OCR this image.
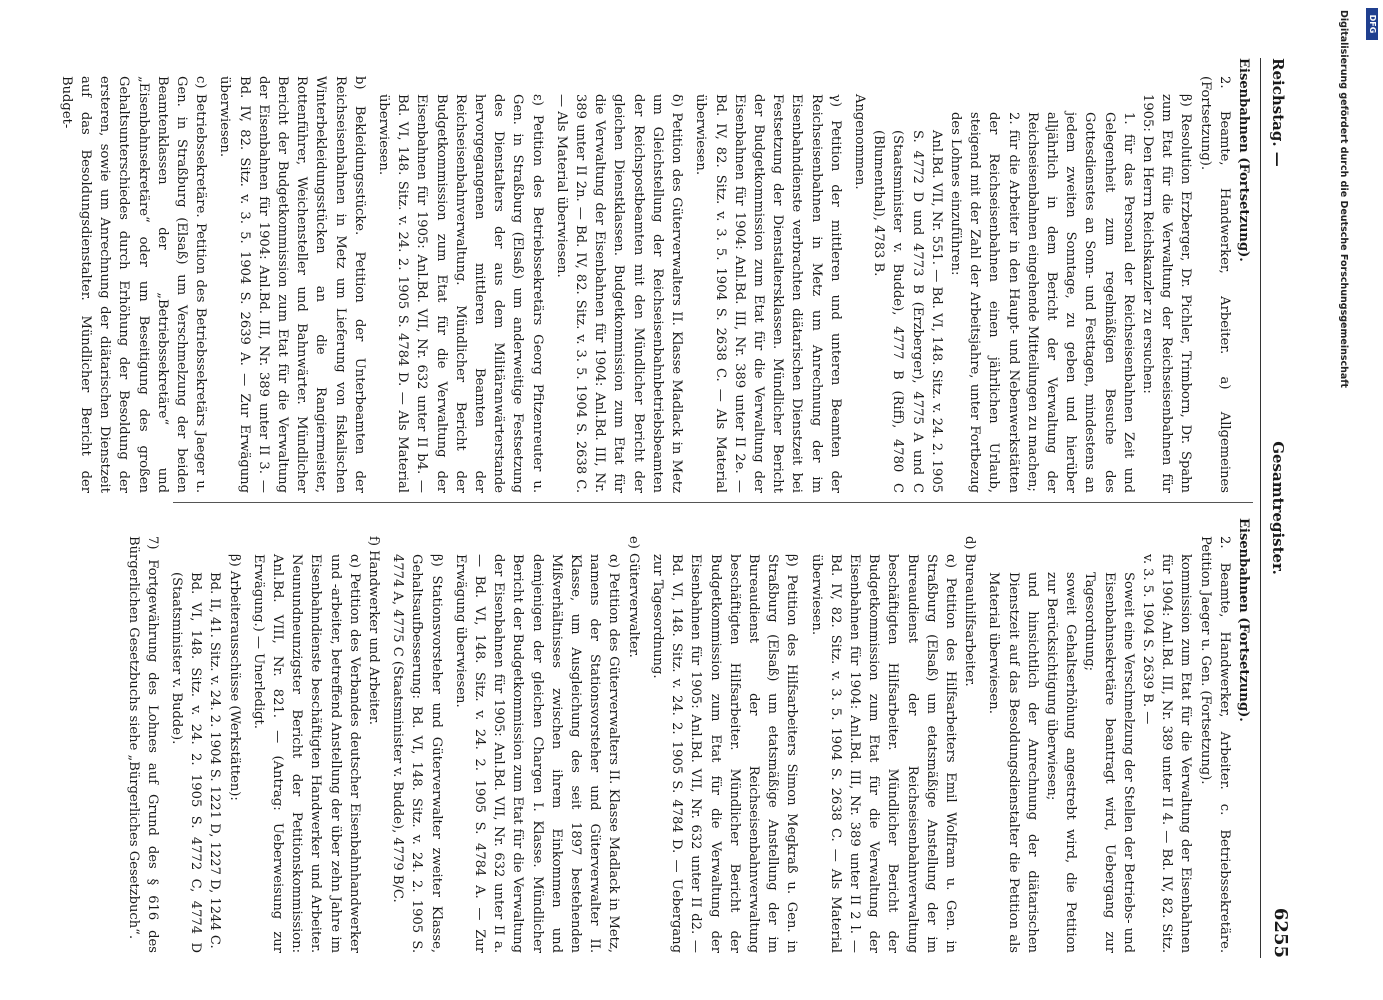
Reichstag. —
Gesamtregister.
6255

Eisenbahnen (Fortsetzung).

2. Beamte, Handwerker, Arbeiter. a) Allgemeines (Fortsetzung).

β) Resolution Erzberger, Dr. Pichler, Trimborn, Dr. Spahn zum Etat für die Verwaltung der Reichseisenbahnen für 1905: Den Herrn Reichskanzler zu ersuchen:

1. für das Personal der Reichseisenbahnen Zeit und Gelegenheit zum regelmäßigen Besuche des Gottesdienstes an Sonn- und Festtagen, mindestens an jedem zweiten Sonntage, zu geben und hierüber alljährlich in dem Bericht der Verwaltung der Reichseisenbahnen eingehende Mitteilungen zu machen;

2. für die Arbeiter in den Haupt- und Nebenwerkstätten der Reichseisenbahnen einen jährlichen Urlaub, steigend mit der Zahl der Arbeitsjahre, unter Fortbezug des Lohnes einzuführen:

Anl.Bd. VII, Nr. 551. — Bd. VI, 148. Sitz. v. 24. 2. 1905 S. 4772 D und 4773 B (Erzberger), 4775 A und C (Staatsminister v. Budde), 4777 B (Riff), 4780 C (Blumenthal), 4783 B.

Angenommen.

γ) Petition der mittleren und unteren Beamten der Reichseisenbahnen in Metz um Anrechnung der im Eisenbahndienste verbrachten diätarischen Dienstzeit bei Festsetzung der Dienstaltersklassen. Mündlicher Bericht der Budgetkommission zum Etat für die Verwaltung der Eisenbahnen für 1904: Anl.Bd. III, Nr. 389 unter II 2e. — Bd. IV, 82. Sitz. v. 3. 5. 1904 S. 2638 C. — Als Material überwiesen.

δ) Petition des Güterverwalters II. Klasse Madlack in Metz um Gleichstellung der Reichseisenbahnbetriebsbeamten der Reichspostbeamten mit den Mündlicher Bericht der gleichen Dienstklassen. Budgetkommission zum Etat für die Verwaltung der Eisenbahnen für 1904: Anl.Bd. III, Nr. 389 unter II 2n. — Bd. IV, 82. Sitz. v. 3. 5. 1904 S. 2638 C. — Als Material überwiesen.

ε) Petition des Betriebssekretärs Georg Pfitzenreuter u. Gen. in Straßburg (Elsaß) um anderweitige Festsetzung des Dienstalters der aus dem Militäranwärterstande hervorgegangenen mittleren Beamten der Reichseisenbahnverwaltung. Mündlicher Bericht der Budgetkommission zum Etat für die Verwaltung der Eisenbahnen für 1905: Anl.Bd. VII, Nr. 632 unter II b4. — Bd. VI, 148. Sitz. v. 24. 2. 1905 S. 4784 D. — Als Material überwiesen.

b) Bekleidungsstücke. Petition der Unterbeamten der Reichseisenbahnen in Metz um Lieferung von fiskalischen Winterbekleidungsstücken an die Rangiermeister, Rottenführer, Weichensteller und Bahnwärter. Mündlicher Bericht der Budgetkommission zum Etat für die Verwaltung der Eisenbahnen für 1904: Anl.Bd. III, Nr. 389 unter II 3. — Bd. IV, 82. Sitz. v. 3. 5. 1904 S. 2639 A. — Zur Erwägung überwiesen.

c) Betriebssekretäre. Petition des Betriebssekretärs Jaeger u. Gen. in Straßburg (Elsaß) um Verschmelzung der beiden Beamtenklassen der „Betriebssekretäre“ und „Eisenbahnsekretäre“ oder um Beseitigung des großen Gehaltsunterschiedes durch Erhöhung der Besoldung der ersteren, sowie um Anrechnung der diätarischen Dienstzeit auf das Besoldungsdienstalter. Mündlicher Bericht der Budget-

Eisenbahnen (Fortsetzung).

2. Beamte, Handwerker, Arbeiter. c. Betriebssekretäre. Petition Jaeger u. Gen. (Fortsetzung).

kommission zum Etat für die Verwaltung der Eisenbahnen für 1904: Anl.Bd. III, Nr. 389 unter II 4. — Bd. IV, 82. Sitz. v. 3. 5. 1904 S. 2639 B. —

Soweit eine Verschmelzung der Stellen der Betriebs- und Eisenbahnsekretäre beantragt wird, Uebergang zur Tagesordnung;

soweit Gehaltserhöhung angestrebt wird, die Petition zur Berücksichtigung überwiesen;

und hinsichtlich der Anrechnung der diätarischen Dienstzeit auf das Besoldungsdienstalter die Petition als Material überwiesen.

d) Bureauhilfsarbeiter.

α) Petition des Hilfsarbeiters Emil Wolfram u. Gen. in Straßburg (Elsaß) um etatsmäßige Anstellung der im Bureaudienst der Reichseisenbahnverwaltung beschäftigten Hilfsarbeiter. Mündlicher Bericht der Budgetkommission zum Etat für die Verwaltung der Eisenbahnen für 1904: Anl.Bd. III, Nr. 389 unter II 2 l. — Bd. IV, 82. Sitz. v. 3. 5. 1904 S. 2638 C. — Als Material überwiesen.

β) Petition des Hilfsarbeiters Simon Megkraß u. Gen. in Straßburg (Elsaß) um etatsmäßige Anstellung der im Bureaudienst der Reichseisenbahnverwaltung beschäftigten Hilfsarbeiter. Mündlicher Bericht der Budgetkommission zum Etat für die Verwaltung der Eisenbahnen für 1905: Anl.Bd. VII, Nr. 632 unter II d2. — Bd. VI, 148. Sitz. v. 24. 2. 1905 S. 4784 D. — Uebergang zur Tagesordnung.

e) Güterverwalter.

α) Petition des Güterverwalters II. Klasse Madlack in Metz, namens der Stationsvorsteher und Güterverwalter II. Klasse, um Ausgleichung des seit 1897 bestehenden Mißverhältnisses zwischen ihrem Einkommen und demjenigen der gleichen Chargen I. Klasse. Mündlicher Bericht der Budgetkommission zum Etat für die Verwaltung der Eisenbahnen für 1905: Anl.Bd. VII, Nr. 632 unter II a. — Bd. VI, 148. Sitz. v. 24. 2. 1905 S. 4784 A. — Zur Erwägung überwiesen.

β) Stationsvorsteher und Güterverwalter zweiter Klasse, Gehaltsaufbesserung: Bd. VI, 148. Sitz. v. 24. 2. 1905 S. 4774 A, 4775 C (Staatsminister v. Budde), 4779 B/C.

f) Handwerker und Arbeiter.

α) Petition des Verbandes deutscher Eisenbahnhandwerker und -arbeiter, betreffend Anstellung der über zehn Jahre im Eisenbahndienste beschäftigten Handwerker und Arbeiter. Neunundneunzigster Bericht der Petitionskommission: Anl.Bd. VIII, Nr. 821. — (Antrag: Ueberweisung zur Erwägung.) — Unerledigt.

β) Arbeiterausschüsse (Werkstätten):

Bd. II, 41. Sitz. v. 24. 2. 1904 S. 1221 D, 1227 D, 1244 C.

Bd. VI, 148. Sitz. v. 24. 2. 1905 S. 4772 C, 4774 D (Staatsminister v. Budde).

7) Fortgewährung des Lohnes auf Grund des § 616 des Bürgerlichen Gesetzbuchs siehe „Bürgerliches Gesetzbuch“.

Digitalisierung gefördert durch die Deutsche Forschungsgemeinschaft DFG
